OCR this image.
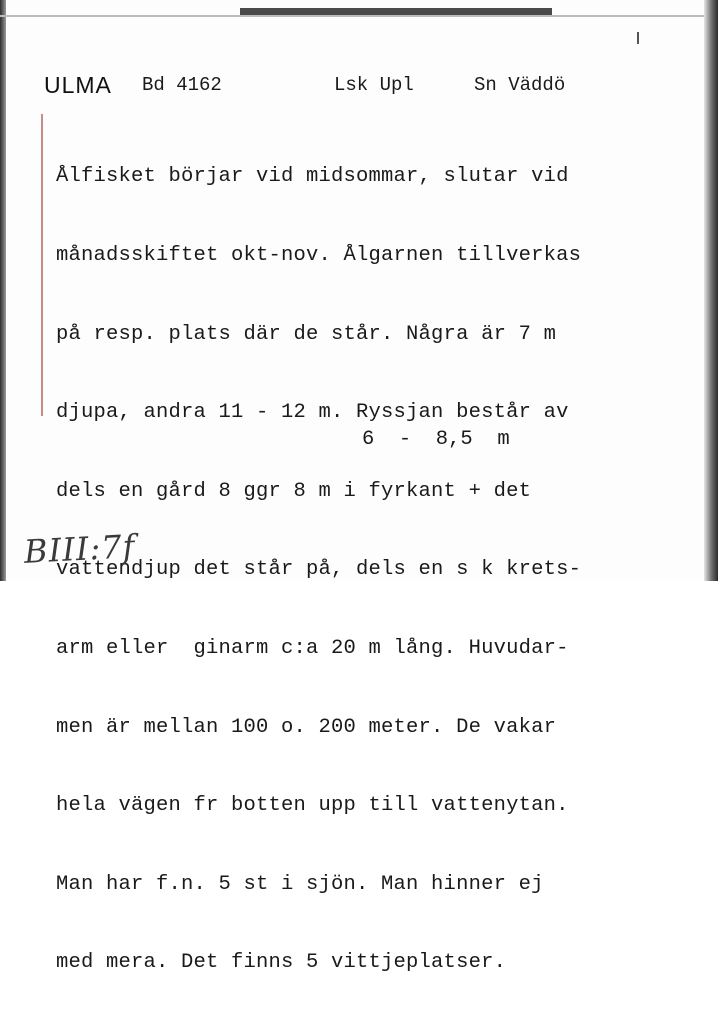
ULMA Bd 4162	Lsk Upl	Sn Väddö

Ålfisket börjar vid midsommar, slutar vid

månadsskiftet okt-nov. Ålgarnen tillverkas

på resp. plats där de står. Några är 7 m

djupa, andra 11 - 12 m. Ryssjan består av

dels en gård 8 ggr 8 m i fyrkant + det

vattendjup det står på, dels en s k krets-

arm eller  ginarm c:a 20 m lång. Huvudar-

men är mellan 100 o. 200 meter. De vakar

hela vägen fr botten upp till vattenytan.

Man har f.n. 5 st i sjön. Man hinner ej

med mera. Det finns 5 vittjeplatser.

6  -  8,5  m
BIII:7f
